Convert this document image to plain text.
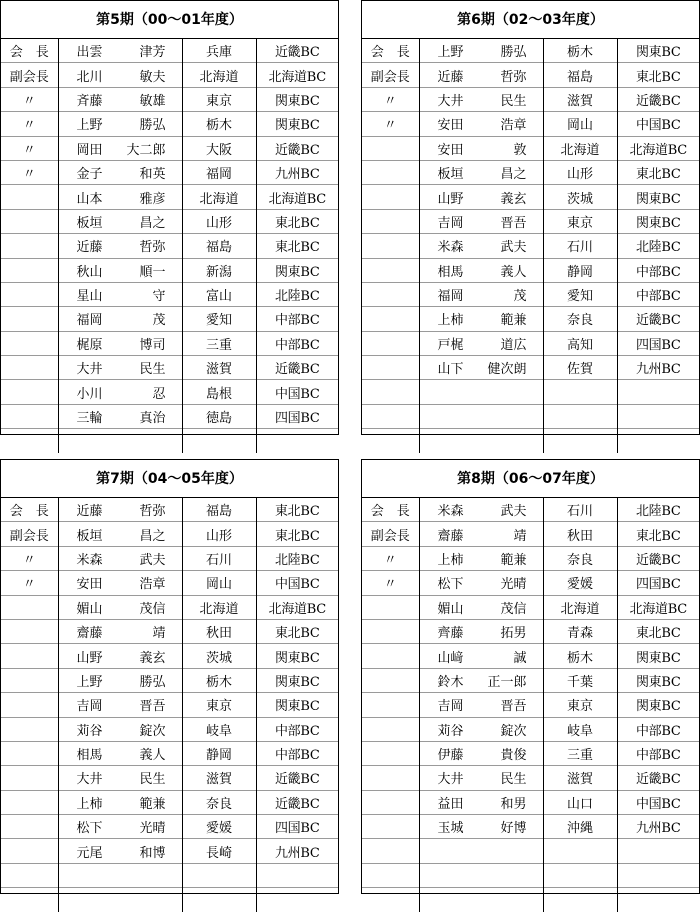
第5期（00～01年度）
会　長	出雲 津芳	兵庫	近畿BC
副会長	北川 敏夫	北海道	北海道BC
〃	斉藤 敏雄	東京	関東BC
〃	上野 勝弘	栃木	関東BC
〃	岡田 大二郎	大阪	近畿BC
〃	金子 和英	福岡	九州BC

	山本 雅彦	北海道	北海道BC

	板垣 昌之	山形	東北BC

	近藤 哲弥	福島	東北BC

	秋山 順一	新潟	関東BC

	星山 守	富山	北陸BC

	福岡 茂	愛知	中部BC

	梶原 博司	三重	中部BC

	大井 民生	滋賀	近畿BC

	小川 忍	島根	中国BC

	三輪 真治	徳島	四国BC

第6期（02～03年度）
会　長	上野 勝弘	栃木	関東BC
副会長	近藤 哲弥	福島	東北BC
〃	大井 民生	滋賀	近畿BC
〃	安田 浩章	岡山	中国BC

	安田 敦	北海道	北海道BC

	板垣 昌之	山形	東北BC

	山野 義玄	茨城	関東BC

	吉岡 晋吾	東京	関東BC

	米森 武夫	石川	北陸BC

	相馬 義人	静岡	中部BC

	福岡 茂	愛知	中部BC

	上柿 範兼	奈良	近畿BC

	戸梶 道広	高知	四国BC

	山下 健次朗	佐賀	九州BC

第7期（04～05年度）
会　長	近藤 哲弥	福島	東北BC
副会長	板垣 昌之	山形	東北BC
〃	米森 武夫	石川	北陸BC
〃	安田 浩章	岡山	中国BC

	媚山 茂信	北海道	北海道BC

	齋藤 靖	秋田	東北BC

	山野 義玄	茨城	関東BC

	上野 勝弘	栃木	関東BC

	吉岡 晋吾	東京	関東BC

	苅谷 錠次	岐阜	中部BC

	相馬 義人	静岡	中部BC

	大井 民生	滋賀	近畿BC

	上柿 範兼	奈良	近畿BC

	松下 光晴	愛媛	四国BC

	元尾 和博	長崎	九州BC

第8期（06～07年度）
会　長	米森 武夫	石川	北陸BC
副会長	齋藤 靖	秋田	東北BC
〃	上柿 範兼	奈良	近畿BC
〃	松下 光晴	愛媛	四国BC

	媚山 茂信	北海道	北海道BC

	齊藤 拓男	青森	東北BC

	山﨑 誠	栃木	関東BC

	鈴木 正一郎	千葉	関東BC

	吉岡 晋吾	東京	関東BC

	苅谷 錠次	岐阜	中部BC

	伊藤 貴俊	三重	中部BC

	大井 民生	滋賀	近畿BC

	益田 和男	山口	中国BC

	玉城 好博	沖縄	九州BC
